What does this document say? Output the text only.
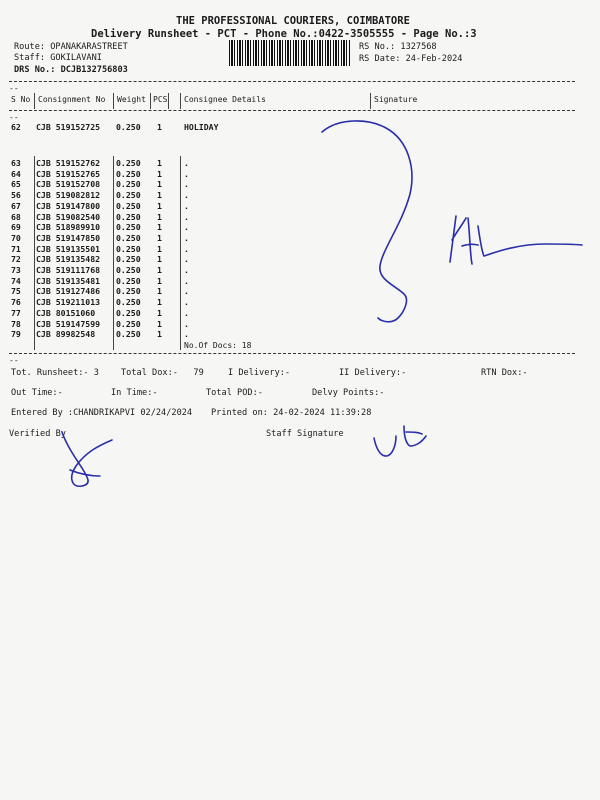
THE PROFESSIONAL COURIERS, COIMBATORE
Delivery Runsheet - PCT - Phone No.:0422-3505555 - Page No.:3
Route: OPANAKARASTREET
Staff: GOKILAVANI
DRS No.: DCJB132756803
RS No.: 1327568
RS Date: 24-Feb-2024
--
S No Consignment No Weight PCS Consignee Details	Signature
--
62 CJB 519152725 0.250 1	HOLIDAY
63 CJB 519152762 0.250 1	.
64 CJB 519152765 0.250 1	.
65 CJB 519152708 0.250 1	.
56 CJB 519082812 0.250 1	.
67 CJB 519147800 0.250 1	.
68 CJB 519082540 0.250 1	.
69 CJB 518989910 0.250 1	.
70 CJB 519147850 0.250 1	.
71 CJB 519135501 0.250 1	.
72 CJB 519135482 0.250 1	.
73 CJB 519111768 0.250 1	.
74 CJB 519135481 0.250 1	.
75 CJB 519127486 0.250 1	.
76 CJB 519211013 0.250 1	.
77 CJB 80151060	0.250 1	.
78 CJB 519147599 0.250 1	.
79 CJB 89982548	0.250 1	.
No.Of Docs: 18
--
Tot. Runsheet:- 3	Total Dox:-   79	I Delivery:-	II Delivery:-	RTN Dox:-
Out Time:-	In Time:-	Total POD:-	Delvy Points:-
Entered By :CHANDRIKAPVI 02/24/2024 Printed on: 24-02-2024 11:39:28
Verified By	Staff Signature
